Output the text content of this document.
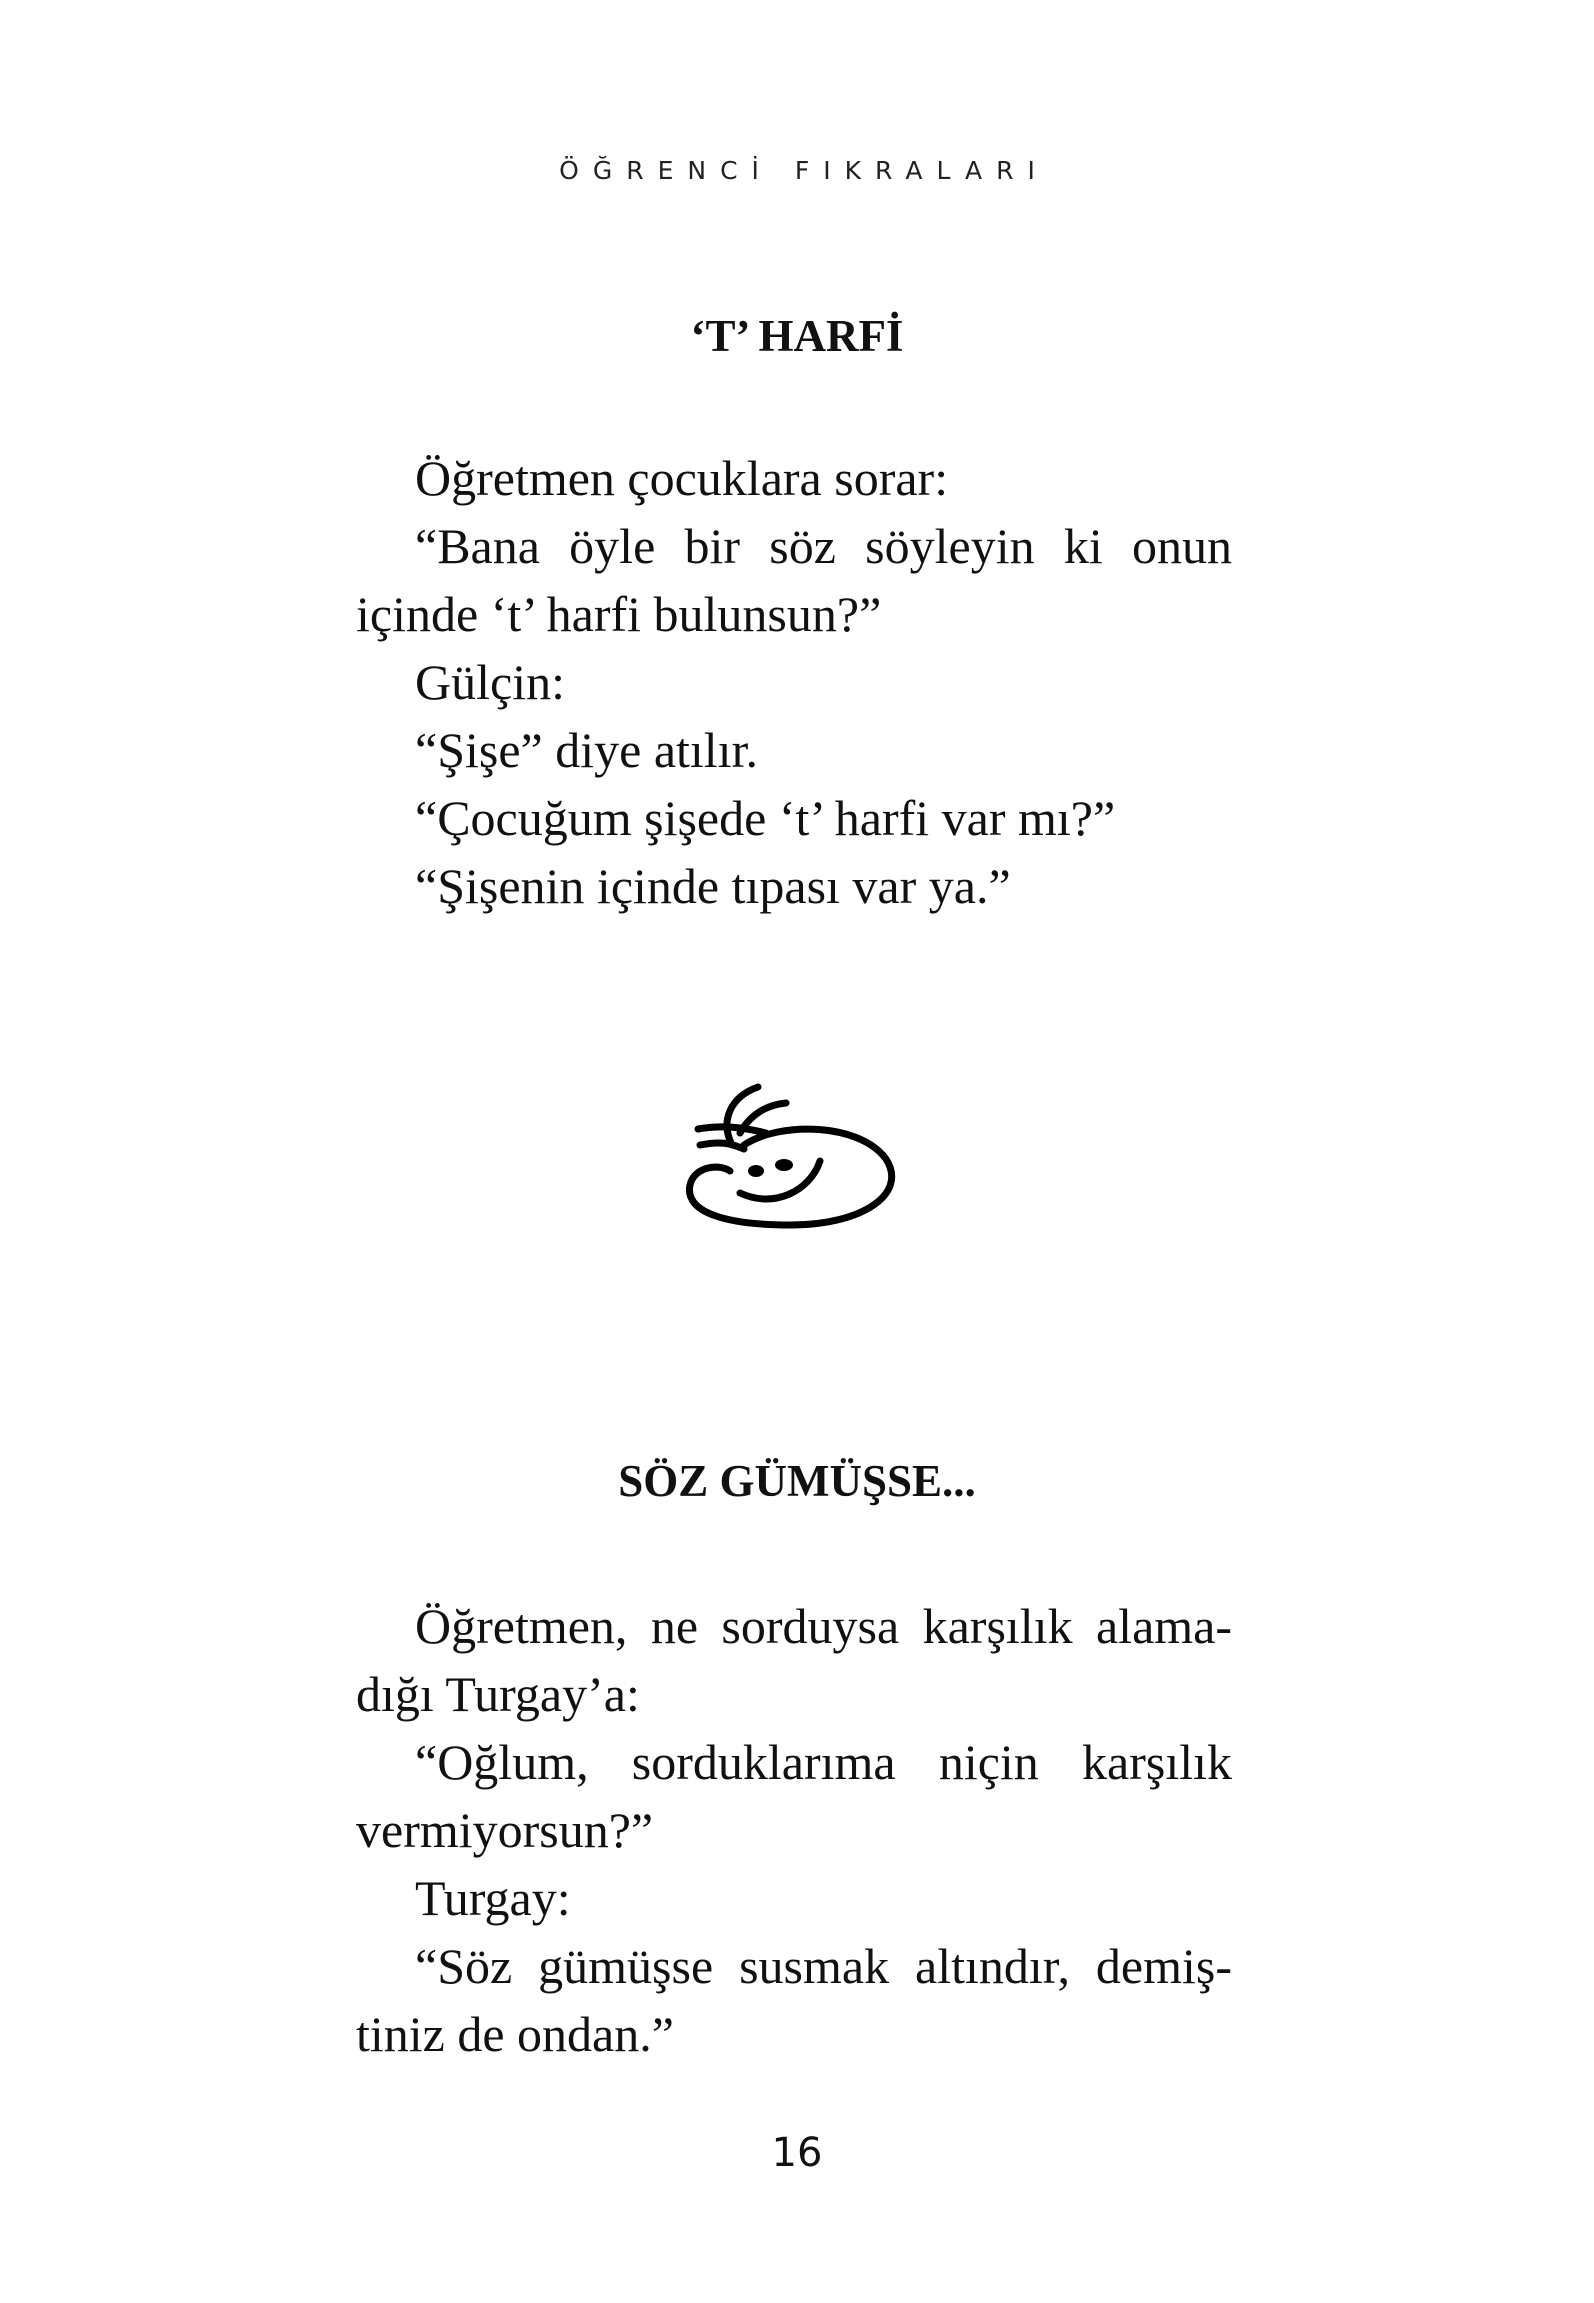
ÖĞRENCİ FIKRALARI
‘T’ HARFİ
Öğretmen çocuklara sorar:
“Bana öyle bir söz söyleyin ki onun
içinde ‘t’ harfi bulunsun?”
Gülçin:
“Şişe” diye atılır.
“Çocuğum şişede ‘t’ harfi var mı?”
“Şişenin içinde tıpası var ya.”
SÖZ GÜMÜŞSE...
Öğretmen, ne sorduysa karşılık alama-
dığı Turgay’a:
“Oğlum, sorduklarıma niçin karşılık
vermiyorsun?”
Turgay:
“Söz gümüşse susmak altındır, demiş-
tiniz de ondan.”
16
